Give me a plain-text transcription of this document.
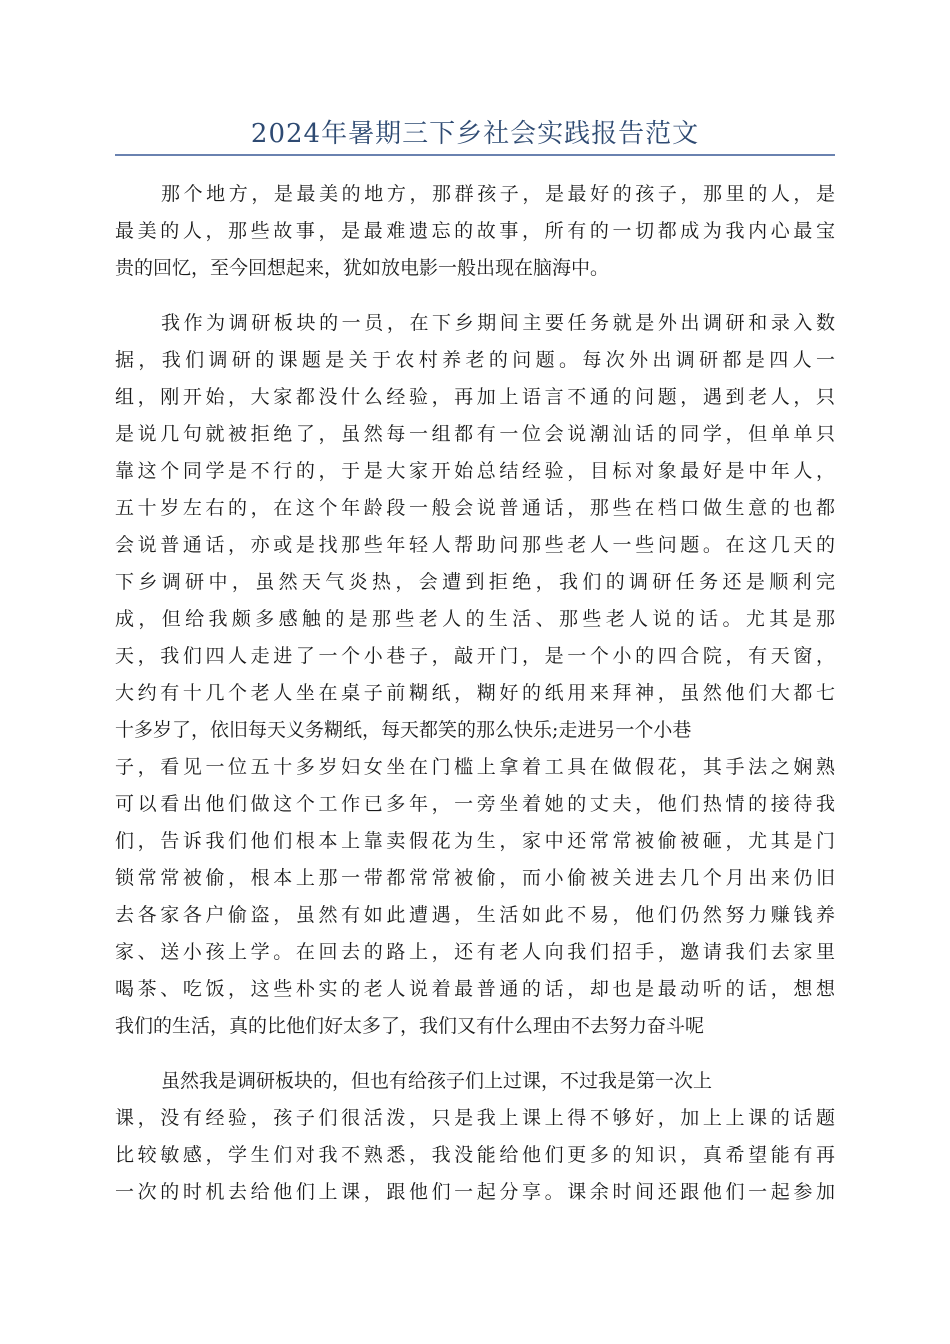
2024年暑期三下乡社会实践报告范文
那个地方，是最美的地方，那群孩子，是最好的孩子，那里的人，是
最美的人，那些故事，是最难遗忘的故事，所有的一切都成为我内心最宝
贵的回忆，至今回想起来，犹如放电影一般出现在脑海中。
我作为调研板块的一员，在下乡期间主要任务就是外出调研和录入数
据，我们调研的课题是关于农村养老的问题。每次外出调研都是四人一
组，刚开始，大家都没什么经验，再加上语言不通的问题，遇到老人，只
是说几句就被拒绝了，虽然每一组都有一位会说潮汕话的同学，但单单只
靠这个同学是不行的，于是大家开始总结经验，目标对象最好是中年人，
五十岁左右的，在这个年龄段一般会说普通话，那些在档口做生意的也都
会说普通话，亦或是找那些年轻人帮助问那些老人一些问题。在这几天的
下乡调研中，虽然天气炎热，会遭到拒绝，我们的调研任务还是顺利完
成，但给我颇多感触的是那些老人的生活、那些老人说的话。尤其是那
天，我们四人走进了一个小巷子，敲开门，是一个小的四合院，有天窗，
大约有十几个老人坐在桌子前糊纸，糊好的纸用来拜神，虽然他们大都七
十多岁了，依旧每天义务糊纸，每天都笑的那么快乐;走进另一个小巷
子，看见一位五十多岁妇女坐在门槛上拿着工具在做假花，其手法之娴熟
可以看出他们做这个工作已多年，一旁坐着她的丈夫，他们热情的接待我
们，告诉我们他们根本上靠卖假花为生，家中还常常被偷被砸，尤其是门
锁常常被偷，根本上那一带都常常被偷，而小偷被关进去几个月出来仍旧
去各家各户偷盗，虽然有如此遭遇，生活如此不易，他们仍然努力赚钱养
家、送小孩上学。在回去的路上，还有老人向我们招手，邀请我们去家里
喝茶、吃饭，这些朴实的老人说着最普通的话，却也是最动听的话，想想
我们的生活，真的比他们好太多了，我们又有什么理由不去努力奋斗呢
虽然我是调研板块的，但也有给孩子们上过课，不过我是第一次上
课，没有经验，孩子们很活泼，只是我上课上得不够好，加上上课的话题
比较敏感，学生们对我不熟悉，我没能给他们更多的知识，真希望能有再
一次的时机去给他们上课，跟他们一起分享。课余时间还跟他们一起参加
